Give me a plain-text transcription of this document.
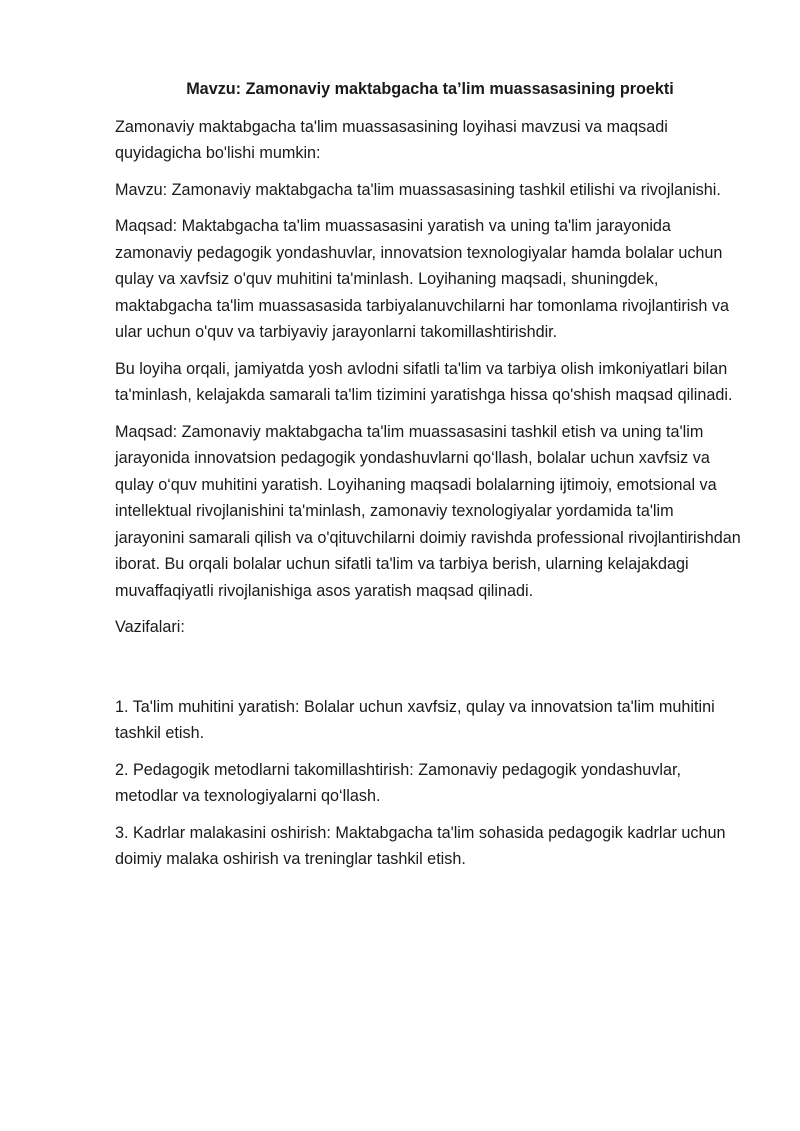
Mavzu: Zamonaviy maktabgacha ta’lim muassasasining proekti

Zamonaviy maktabgacha ta'lim muassasasining loyihasi mavzusi va maqsadi quyidagicha bo'lishi mumkin:

Mavzu: Zamonaviy maktabgacha ta'lim muassasasining tashkil etilishi va rivojlanishi.

Maqsad: Maktabgacha ta'lim muassasasini yaratish va uning ta'lim jarayonida zamonaviy pedagogik yondashuvlar, innovatsion texnologiyalar hamda bolalar uchun qulay va xavfsiz o'quv muhitini ta'minlash. Loyihaning maqsadi, shuningdek, maktabgacha ta'lim muassasasida tarbiyalanuvchilarni har tomonlama rivojlantirish va ular uchun o'quv va tarbiyaviy jarayonlarni takomillashtirishdir.

Bu loyiha orqali, jamiyatda yosh avlodni sifatli ta'lim va tarbiya olish imkoniyatlari bilan ta'minlash, kelajakda samarali ta'lim tizimini yaratishga hissa qo'shish maqsad qilinadi.

Maqsad: Zamonaviy maktabgacha ta'lim muassasasini tashkil etish va uning ta'lim jarayonida innovatsion pedagogik yondashuvlarni qo‘llash, bolalar uchun xavfsiz va qulay o‘quv muhitini yaratish. Loyihaning maqsadi bolalarning ijtimoiy, emotsional va intellektual rivojlanishini ta'minlash, zamonaviy texnologiyalar yordamida ta'lim jarayonini samarali qilish va o'qituvchilarni doimiy ravishda professional rivojlantirishdan iborat. Bu orqali bolalar uchun sifatli ta'lim va tarbiya berish, ularning kelajakdagi muvaffaqiyatli rivojlanishiga asos yaratish maqsad qilinadi.

Vazifalari:

1. Ta'lim muhitini yaratish: Bolalar uchun xavfsiz, qulay va innovatsion ta'lim muhitini tashkil etish.

2. Pedagogik metodlarni takomillashtirish: Zamonaviy pedagogik yondashuvlar, metodlar va texnologiyalarni qo‘llash.

3. Kadrlar malakasini oshirish: Maktabgacha ta'lim sohasida pedagogik kadrlar uchun doimiy malaka oshirish va treninglar tashkil etish.
